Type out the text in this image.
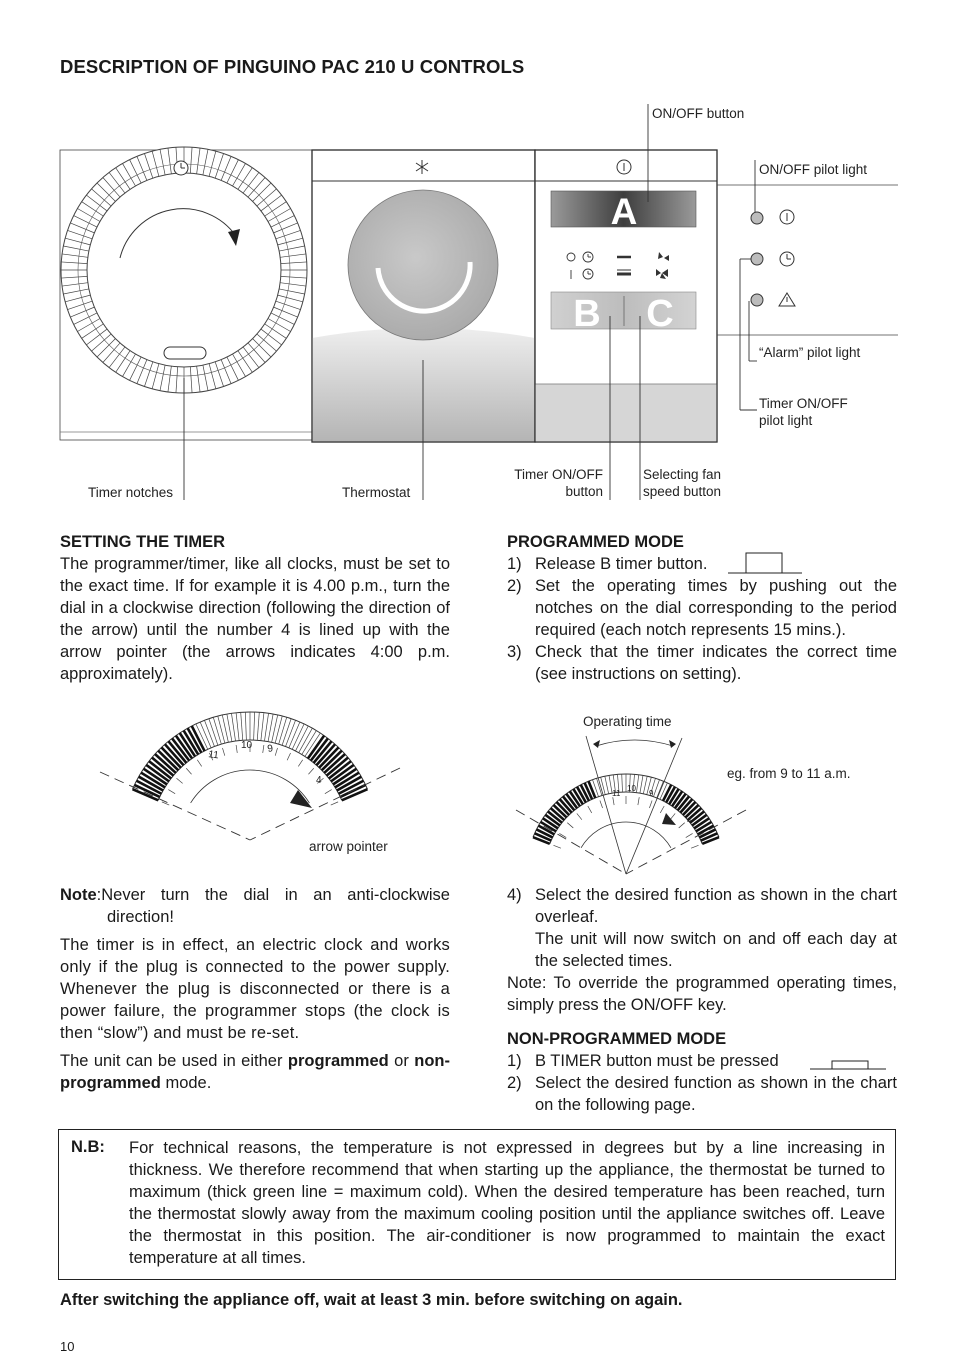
DESCRIPTION OF PINGUINO PAC 210 U CONTROLS
A
B C
ON/OFF button
ON/OFF pilot light
“Alarm” pilot light
Timer ON/OFF pilot light
Timer notches	Thermostat
Timer ON/OFF button
Selecting fan speed button
SETTING THE TIMER

The programmer/timer, like all clocks, must be set to the exact time. If for example it is 4.00 p.m., turn the dial in a clockwise direction (following the direction of the arrow) until the number 4 is lined up with the arrow pointer (the arrows indicates 4:00 p.m. approximately).

11
10 9
4
arrow pointer

Note:Never turn the dial in an anti-clockwise direction!

The timer is in effect, an electric clock and works only if the plug is connected to the power supply. Whenever the plug is disconnected or there is a power failure, the programmer stops (the clock is then “slow”) and must be re-set.

The unit can be used in either programmed or non-programmed mode.

PROGRAMMED MODE
1) Release B timer button.
2) Set the operating times by pushing out the notches on the dial corresponding to the period required (each notch represents 15 mins.).
3) Check that the timer indicates the correct time (see instructions on setting).
Operating time
eg. from 9 to 11 a.m.
11
10
9
4
4) Select the desired function as shown in the chart overleaf.
The unit will now switch on and off each day at the selected times.

Note: To override the programmed operating times, simply press the ON/OFF key.

NON-PROGRAMMED MODE
1) B TIMER button must be pressed
2) Select the desired function as shown in the chart on the following page.
N.B: For technical reasons, the temperature is not expressed in degrees but by a line increasing in thickness. We therefore recommend that when starting up the appliance, the thermostat be turned to maximum (thick green line = maximum cold). When the desired temperature has been reached, turn the thermostat slowly away from the maximum cooling position until the appliance switches off. Leave the thermostat in this position. The air-conditioner is now programmed to maintain the exact temperature at all times.
After switching the appliance off, wait at least 3 min. before switching on again.
10
